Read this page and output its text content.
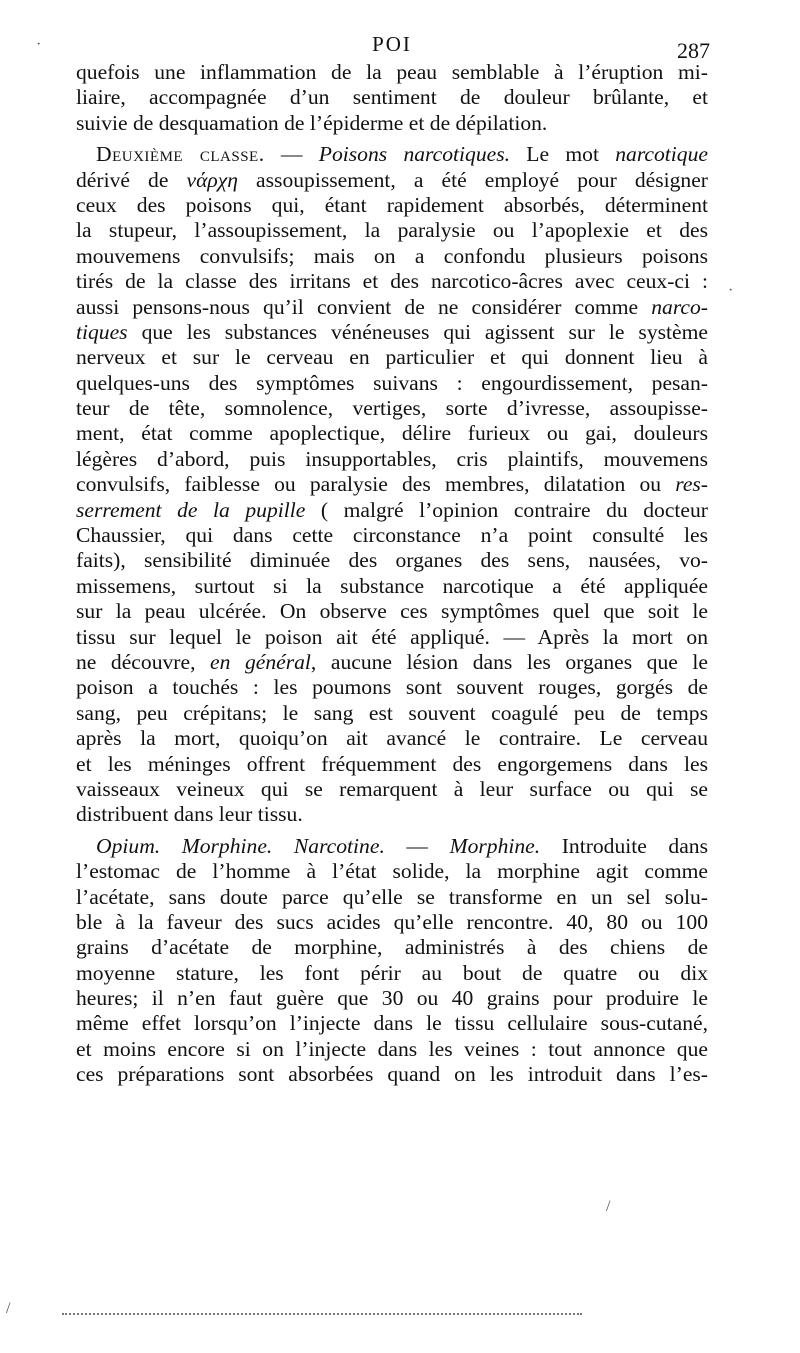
POI	287
quefois une inflammation de la peau semblable à l’éruption mi-
liaire, accompagnée d’un sentiment de douleur brûlante, et
suivie de desquamation de l’épiderme et de dépilation.
Deuxième classe. — Poisons narcotiques. Le mot narcotique
dérivé de νάρχη assoupissement, a été employé pour désigner
ceux des poisons qui, étant rapidement absorbés, déterminent
la stupeur, l’assoupissement, la paralysie ou l’apoplexie et des
mouvemens convulsifs; mais on a confondu plusieurs poisons
tirés de la classe des irritans et des narcotico-âcres avec ceux-ci :
aussi pensons-nous qu’il convient de ne considérer comme narco-
tiques que les substances vénéneuses qui agissent sur le système
nerveux et sur le cerveau en particulier et qui donnent lieu à
quelques-uns des symptômes suivans : engourdissement, pesan-
teur de tête, somnolence, vertiges, sorte d’ivresse, assoupisse-
ment, état comme apoplectique, délire furieux ou gai, douleurs
légères d’abord, puis insupportables, cris plaintifs, mouvemens
convulsifs, faiblesse ou paralysie des membres, dilatation ou res-
serrement de la pupille ( malgré l’opinion contraire du docteur
Chaussier, qui dans cette circonstance n’a point consulté les
faits), sensibilité diminuée des organes des sens, nausées, vo-
missemens, surtout si la substance narcotique a été appliquée
sur la peau ulcérée. On observe ces symptômes quel que soit le
tissu sur lequel le poison ait été appliqué. — Après la mort on
ne découvre, en général, aucune lésion dans les organes que le
poison a touchés : les poumons sont souvent rouges, gorgés de
sang, peu crépitans; le sang est souvent coagulé peu de temps
après la mort, quoiqu’on ait avancé le contraire. Le cerveau
et les méninges offrent fréquemment des engorgemens dans les
vaisseaux veineux qui se remarquent à leur surface ou qui se
distribuent dans leur tissu.
Opium. Morphine. Narcotine. — Morphine. Introduite dans
l’estomac de l’homme à l’état solide, la morphine agit comme
l’acétate, sans doute parce qu’elle se transforme en un sel solu-
ble à la faveur des sucs acides qu’elle rencontre. 40, 80 ou 100
grains d’acétate de morphine, administrés à des chiens de
moyenne stature, les font périr au bout de quatre ou dix
heures; il n’en faut guère que 30 ou 40 grains pour produire le
même effet lorsqu’on l’injecte dans le tissu cellulaire sous-cutané,
et moins encore si on l’injecte dans les veines : tout annonce que
ces préparations sont absorbées quand on les introduit dans l’es-
·
·
/
/
